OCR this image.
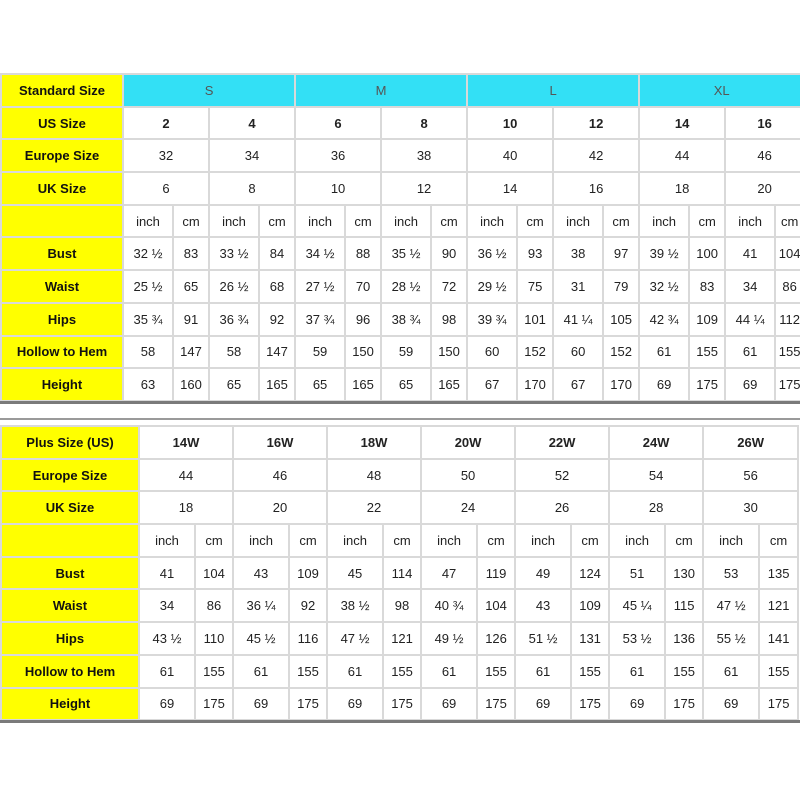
Standard Size	S				M				L				XL			
US Size	2		4		6		8		10		12		14		16	
Europe Size	32		34		36		38		40		42		44		46	
UK Size	6		8		10		12		14		16		18		20	
	inch	cm	inch	cm	inch	cm	inch	cm	inch	cm	inch	cm	inch	cm	inch	cm
Bust	32 ½	83	33 ½	84	34 ½	88	35 ½	90	36 ½	93	38	97	39 ½	100	41	104
Waist	25 ½	65	26 ½	68	27 ½	70	28 ½	72	29 ½	75	31	79	32 ½	83	34	86
Hips	35 ¾	91	36 ¾	92	37 ¾	96	38 ¾	98	39 ¾	101	41 ¼	105	42 ¾	109	44 ¼	112
Hollow to Hem	58	147	58	147	59	150	59	150	60	152	60	152	61	155	61	155
Height	63	160	65	165	65	165	65	165	67	170	67	170	69	175	69	175
Plus Size (US)	14W		16W		18W		20W		22W		24W		26W	
Europe Size	44		46		48		50		52		54		56	
UK Size	18		20		22		24		26		28		30	
	inch	cm	inch	cm	inch	cm	inch	cm	inch	cm	inch	cm	inch	cm
Bust	41	104	43	109	45	114	47	119	49	124	51	130	53	135
Waist	34	86	36 ¼	92	38 ½	98	40 ¾	104	43	109	45 ¼	115	47 ½	121
Hips	43 ½	110	45 ½	116	47 ½	121	49 ½	126	51 ½	131	53 ½	136	55 ½	141
Hollow to Hem	61	155	61	155	61	155	61	155	61	155	61	155	61	155
Height	69	175	69	175	69	175	69	175	69	175	69	175	69	175
